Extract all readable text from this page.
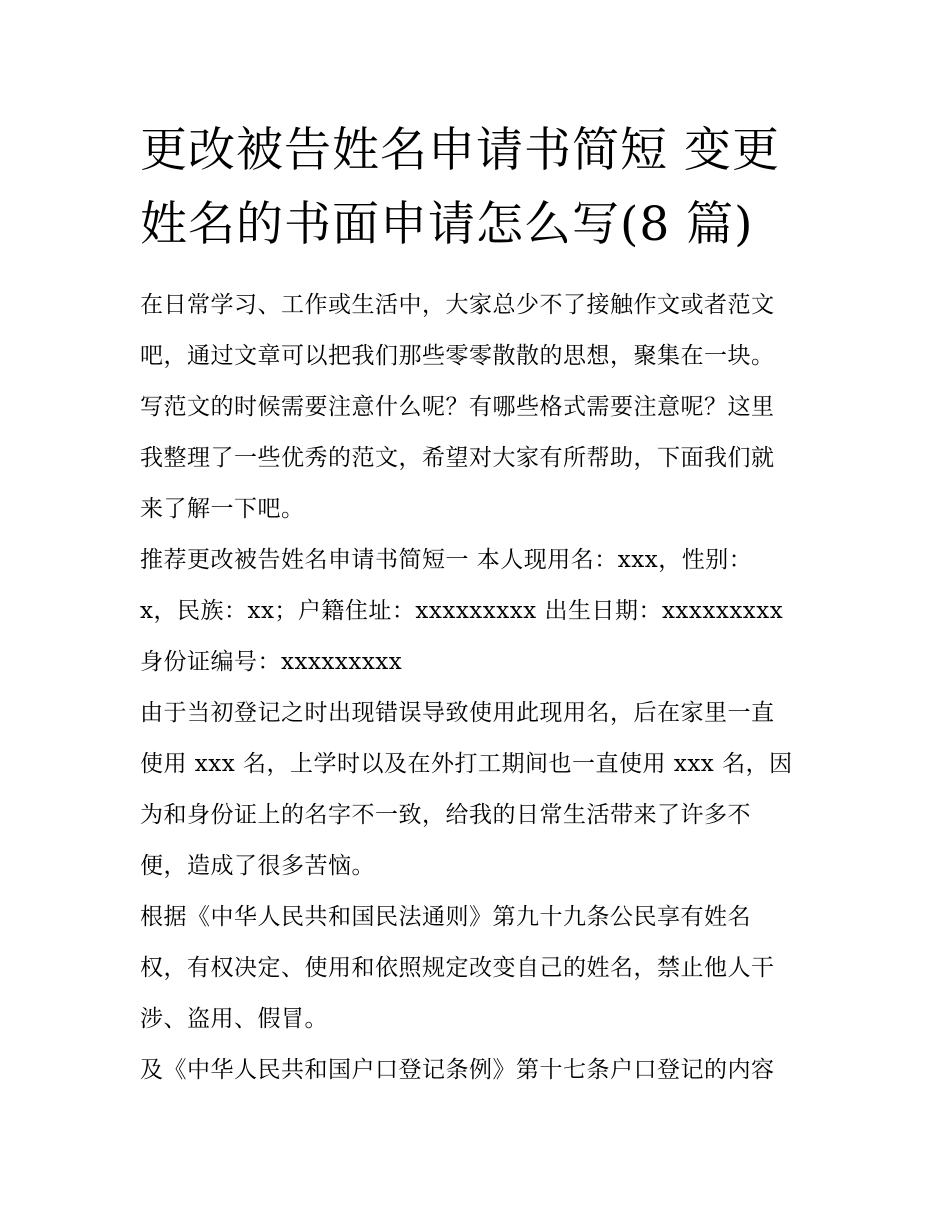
更改被告姓名申请书简短 变更
姓名的书面申请怎么写(8 篇)

在日常学习、工作或生活中，大家总少不了接触作文或者范文
吧，通过文章可以把我们那些零零散散的思想，聚集在一块。
写范文的时候需要注意什么呢？有哪些格式需要注意呢？这里
我整理了一些优秀的范文，希望对大家有所帮助，下面我们就
来了解一下吧。

推荐更改被告姓名申请书简短一 本人现用名：xxx，性别：
x，民族：xx；户籍住址：xxxxxxxxx 出生日期：xxxxxxxxx
身份证编号：xxxxxxxxx

由于当初登记之时出现错误导致使用此现用名，后在家里一直
使用 xxx 名，上学时以及在外打工期间也一直使用 xxx 名，因
为和身份证上的名字不一致，给我的日常生活带来了许多不
便，造成了很多苦恼。

根据《中华人民共和国民法通则》第九十九条公民享有姓名
权，有权决定、使用和依照规定改变自己的姓名，禁止他人干
涉、盗用、假冒。

及《中华人民共和国户口登记条例》第十七条户口登记的内容
